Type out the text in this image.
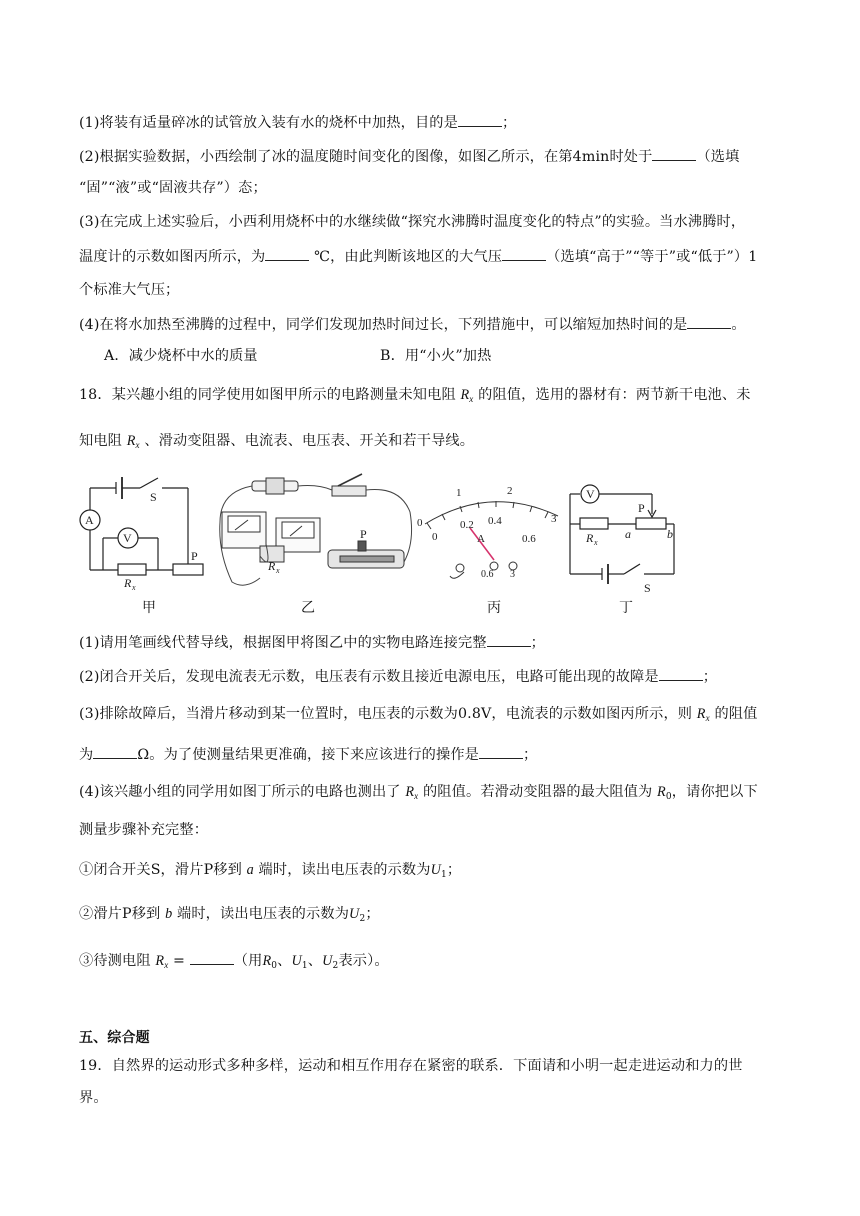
(1)将装有适量碎冰的试管放入装有水的烧杯中加热，目的是	；
(2)根据实验数据，小西绘制了冰的温度随时间变化的图像，如图乙所示，在第4min时处于	（选填
“固”“液”或“固液共存”）态；
(3)在完成上述实验后，小西利用烧杯中的水继续做“探究水沸腾时温度变化的特点”的实验。当水沸腾时，
温度计的示数如图丙所示，为	℃，由此判断该地区的大气压	（选填“高于”“等于”或“低于”）1
个标准大气压；
(4)在将水加热至沸腾的过程中，同学们发现加热时间过长，下列措施中，可以缩短加热时间的是	。
A．减少烧杯中水的质量	B．用“小火”加热
18．某兴趣小组的同学使用如图甲所示的电路测量未知电阻 $R_x$ 的阻值，选用的器材有：两节新干电池、未
知电阻 $R_x$ 、滑动变阻器、电流表、电压表、开关和若干导线。
S
A
V
P
R x
P
R x
1	2
3
0
0
0.2 0.4
0.6
A
0.6 3
V
P
a	b
R x
S
甲	乙	丙	丁
(1)请用笔画线代替导线，根据图甲将图乙中的实物电路连接完整	；
(2)闭合开关后，发现电流表无示数，电压表有示数且接近电源电压，电路可能出现的故障是	；
(3)排除故障后，当滑片移动到某一位置时，电压表的示数为0.8V，电流表的示数如图丙所示，则 $R_x$ 的阻值
为	Ω。为了使测量结果更准确，接下来应该进行的操作是	；
(4)该兴趣小组的同学用如图丁所示的电路也测出了 $R_x$ 的阻值。若滑动变阻器的最大阻值为 $R_0$，请你把以下
测量步骤补充完整：
①闭合开关S，滑片P移到 a 端时，读出电压表的示数为$U_1$；
②滑片P移到 b 端时，读出电压表的示数为$U_2$；
③待测电阻 $R_x$ =	（用$R_0$、$U_1$、$U_2$表示）。
五、综合题
19．自然界的运动形式多种多样，运动和相互作用存在紧密的联系．下面请和小明一起走进运动和力的世
界。
